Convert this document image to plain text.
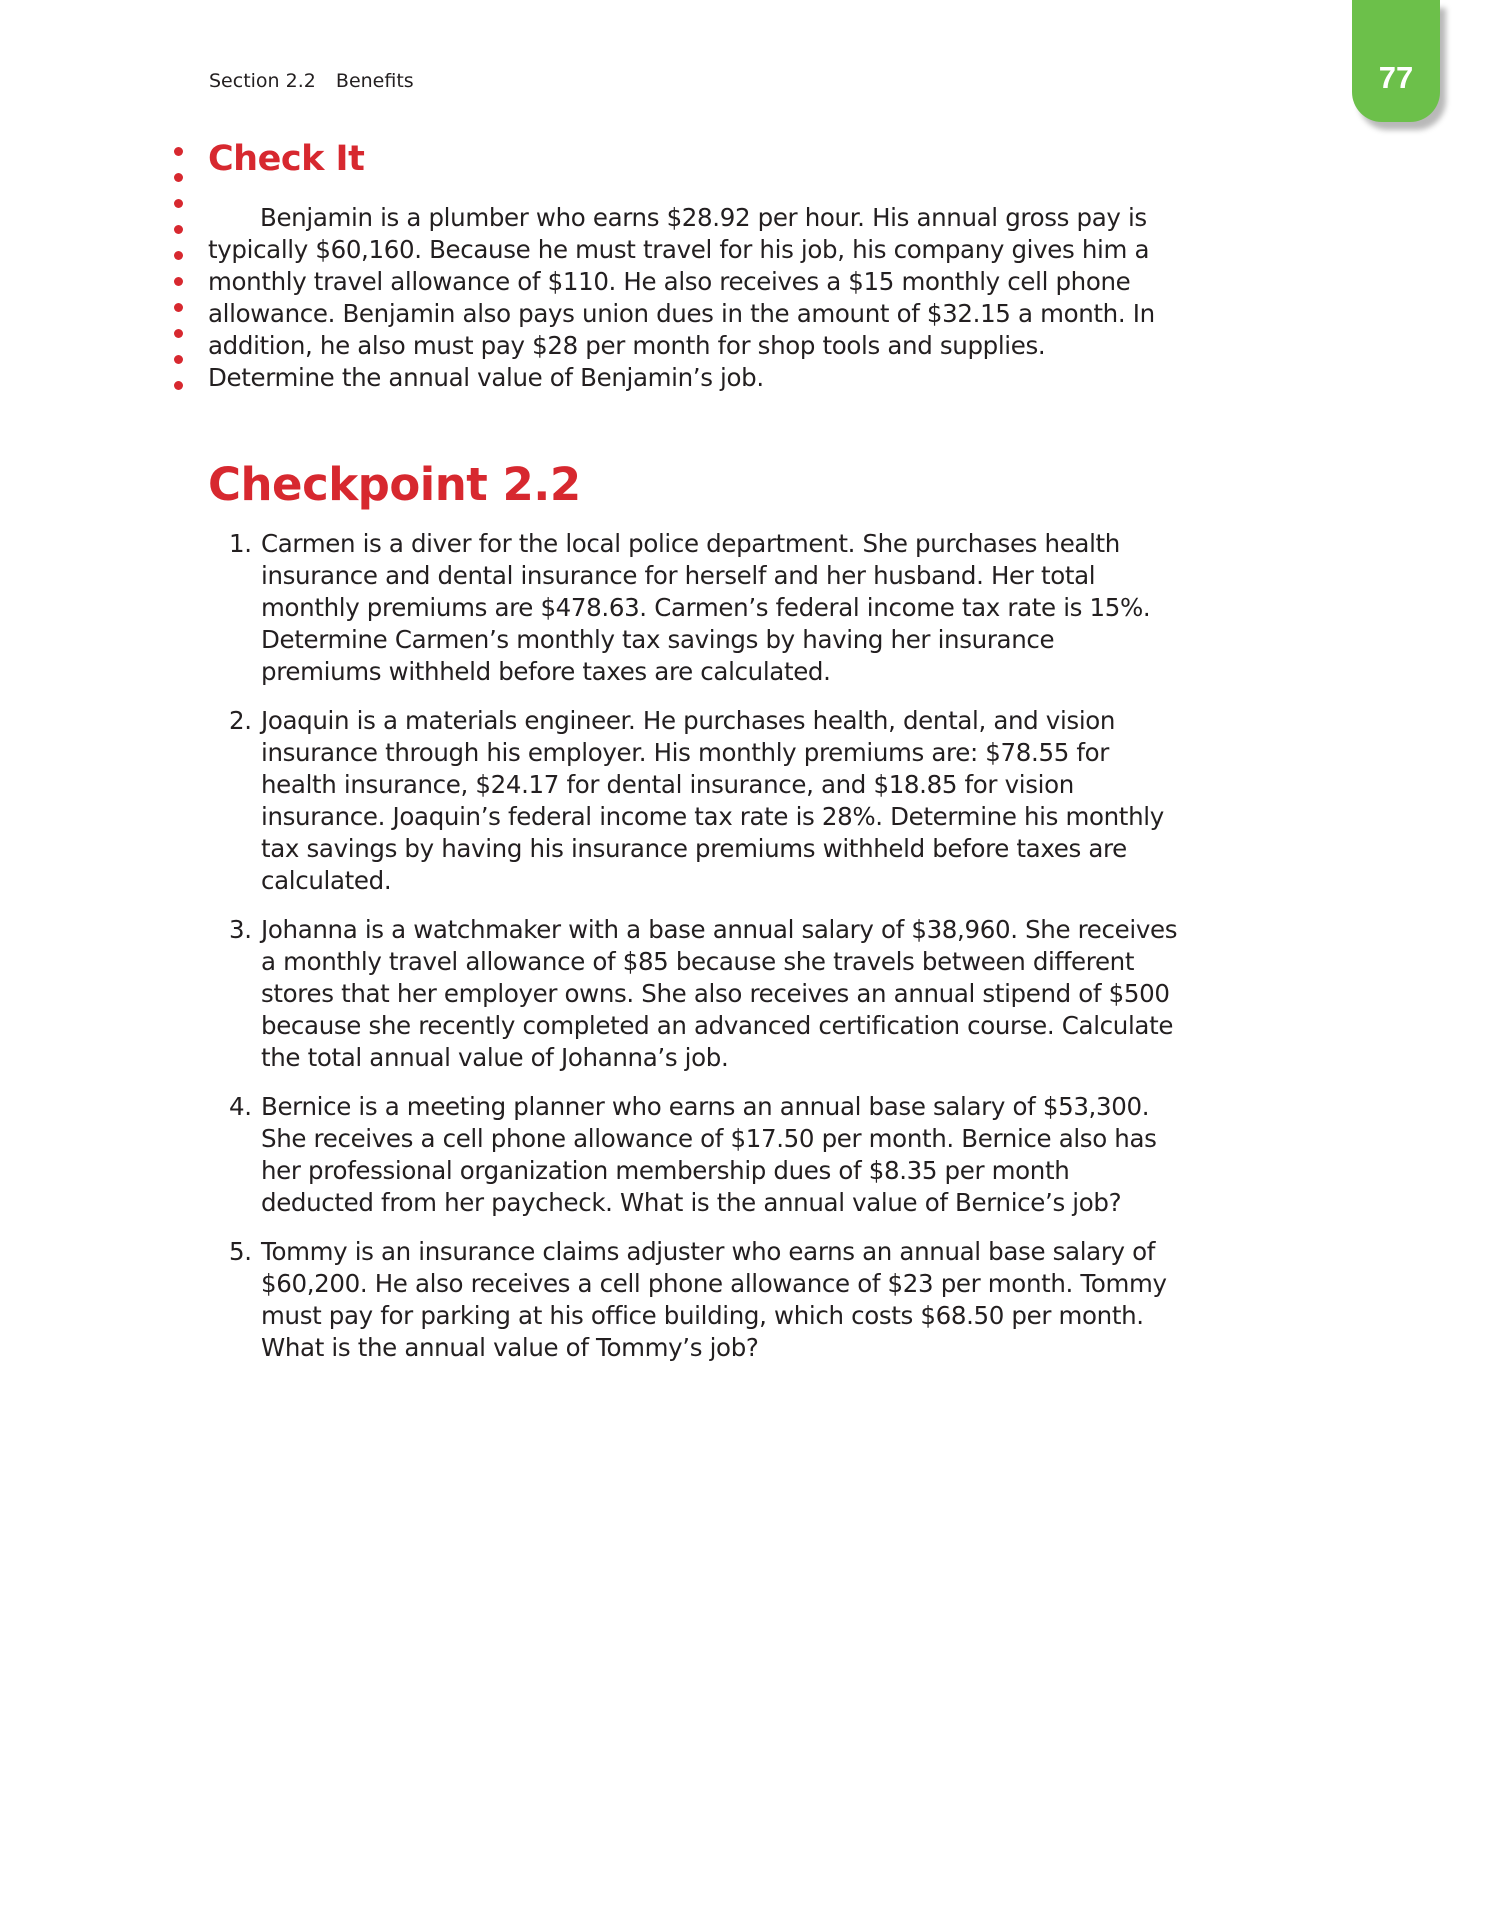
77
Section 2.2 Benefits
Check It

Benjamin is a plumber who earns $28.92 per hour. His annual gross pay is typically $60,160. Because he must travel for his job, his company gives him a monthly travel allowance of $110. He also receives a $15 monthly cell phone allowance. Benjamin also pays union dues in the amount of $32.15 a month. In addition, he also must pay $28 per month for shop tools and supplies. Determine the annual value of Benjamin’s job.

Checkpoint 2.2
1. Carmen is a diver for the local police department. She purchases health insurance and dental insurance for herself and her husband. Her total monthly premiums are $478.63. Carmen’s federal income tax rate is 15%. Determine Carmen’s monthly tax savings by having her insurance premiums withheld before taxes are calculated.
2. Joaquin is a materials engineer. He purchases health, dental, and vision insurance through his employer. His monthly premiums are: $78.55 for health insurance, $24.17 for dental insurance, and $18.85 for vision insurance. Joaquin’s federal income tax rate is 28%. Determine his monthly tax savings by having his insurance premiums withheld before taxes are calculated.
3. Johanna is a watchmaker with a base annual salary of $38,960. She receives a monthly travel allowance of $85 because she travels between different stores that her employer owns. She also receives an annual stipend of $500 because she recently completed an advanced certification course. Calculate the total annual value of Johanna’s job.
4. Bernice is a meeting planner who earns an annual base salary of $53,300. She receives a cell phone allowance of $17.50 per month. Bernice also has her professional organization membership dues of $8.35 per month deducted from her paycheck. What is the annual value of Bernice’s job?
5. Tommy is an insurance claims adjuster who earns an annual base salary of $60,200. He also receives a cell phone allowance of $23 per month. Tommy must pay for parking at his office building, which costs $68.50 per month. What is the annual value of Tommy’s job?
